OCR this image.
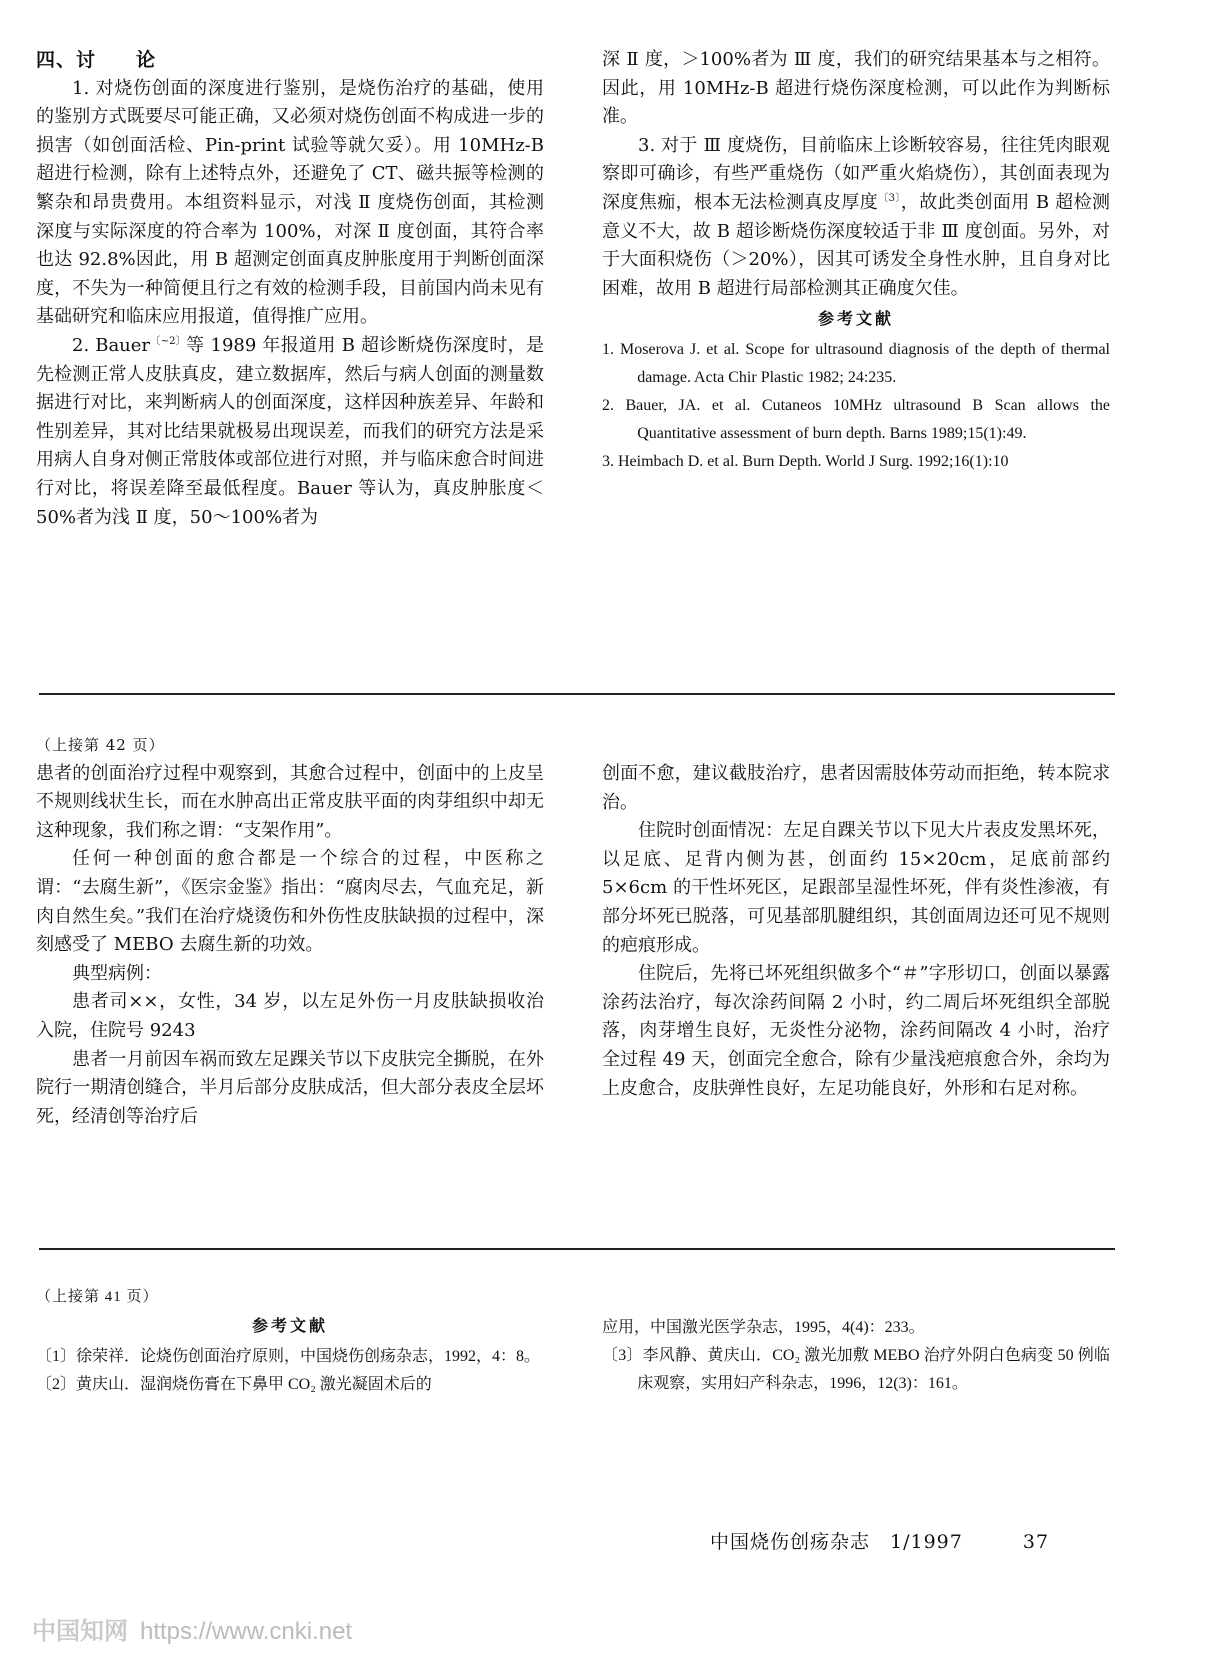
四、讨　　论

1. 对烧伤创面的深度进行鉴别，是烧伤治疗的基础，使用的鉴别方式既要尽可能正确，又必须对烧伤创面不构成进一步的损害（如创面活检、Pin-print 试验等就欠妥）。用 10MHz-B 超进行检测，除有上述特点外，还避免了 CT、磁共振等检测的繁杂和昂贵费用。本组资料显示，对浅 Ⅱ 度烧伤创面，其检测深度与实际深度的符合率为 100%，对深 Ⅱ 度创面，其符合率也达 92.8%因此，用 B 超测定创面真皮肿胀度用于判断创面深度，不失为一种简便且行之有效的检测手段，目前国内尚未见有基础研究和临床应用报道，值得推广应用。

2. Bauer$^{〔\sim 2〕}$等 1989 年报道用 B 超诊断烧伤深度时，是先检测正常人皮肤真皮，建立数据库，然后与病人创面的测量数据进行对比，来判断病人的创面深度，这样因种族差异、年龄和性别差异，其对比结果就极易出现误差，而我们的研究方法是采用病人自身对侧正常肢体或部位进行对照，并与临床愈合时间进行对比，将误差降至最低程度。Bauer 等认为，真皮肿胀度＜50%者为浅 Ⅱ 度，50～100%者为

深 Ⅱ 度，＞100%者为 Ⅲ 度，我们的研究结果基本与之相符。因此，用 10MHz-B 超进行烧伤深度检测，可以此作为判断标准。

3. 对于 Ⅲ 度烧伤，目前临床上诊断较容易，往往凭肉眼观察即可确诊，有些严重烧伤（如严重火焰烧伤），其创面表现为深度焦痂，根本无法检测真皮厚度$^{〔3〕}$，故此类创面用 B 超检测意义不大，故 B 超诊断烧伤深度较适于非 Ⅲ 度创面。另外，对于大面积烧伤（＞20%），因其可诱发全身性水肿，且自身对比困难，故用 B 超进行局部检测其正确度欠佳。

参考文献

1. Moserova J. et al. Scope for ultrasound diagnosis of the depth of thermal damage. Acta Chir Plastic 1982; 24:235.

2. Bauer, JA. et al. Cutaneos 10MHz ultrasound B Scan allows the Quantitative assessment of burn depth. Barns 1989;15(1):49.

3. Heimbach D. et al. Burn Depth. World J Surg. 1992;16(1):10

（上接第 42 页）

患者的创面治疗过程中观察到，其愈合过程中，创面中的上皮呈不规则线状生长，而在水肿高出正常皮肤平面的肉芽组织中却无这种现象，我们称之谓：“支架作用”。

任何一种创面的愈合都是一个综合的过程，中医称之谓：“去腐生新”，《医宗金鉴》指出：“腐肉尽去，气血充足，新肉自然生矣。”我们在治疗烧烫伤和外伤性皮肤缺损的过程中，深刻感受了 MEBO 去腐生新的功效。

典型病例：

患者司××，女性，34 岁，以左足外伤一月皮肤缺损收治入院，住院号 9243

患者一月前因车祸而致左足踝关节以下皮肤完全撕脱，在外院行一期清创缝合，半月后部分皮肤成活，但大部分表皮全层坏死，经清创等治疗后

创面不愈，建议截肢治疗，患者因需肢体劳动而拒绝，转本院求治。

住院时创面情况：左足自踝关节以下见大片表皮发黑坏死，以足底、足背内侧为甚，创面约 15×20cm，足底前部约 5×6cm 的干性坏死区，足跟部呈湿性坏死，伴有炎性渗液，有部分坏死已脱落，可见基部肌腱组织，其创面周边还可见不规则的疤痕形成。

住院后，先将已坏死组织做多个“＃”字形切口，创面以暴露涂药法治疗，每次涂药间隔 2 小时，约二周后坏死组织全部脱落，肉芽增生良好，无炎性分泌物，涂药间隔改 4 小时，治疗全过程 49 天，创面完全愈合，除有少量浅疤痕愈合外，余均为上皮愈合，皮肤弹性良好，左足功能良好，外形和右足对称。

（上接第 41 页）

参考文献

〔1〕徐荣祥．论烧伤创面治疗原则，中国烧伤创疡杂志，1992，4：8。

〔2〕黄庆山．湿润烧伤膏在下鼻甲 CO₂ 激光凝固术后的

应用，中国激光医学杂志，1995，4(4)：233。

〔3〕李风静、黄庆山．CO₂ 激光加敷 MEBO 治疗外阴白色病变 50 例临床观察，实用妇产科杂志，1996，12(3)：161。

中国烧伤创疡杂志　1/1997	37
中国知网 https://www.cnki.net
